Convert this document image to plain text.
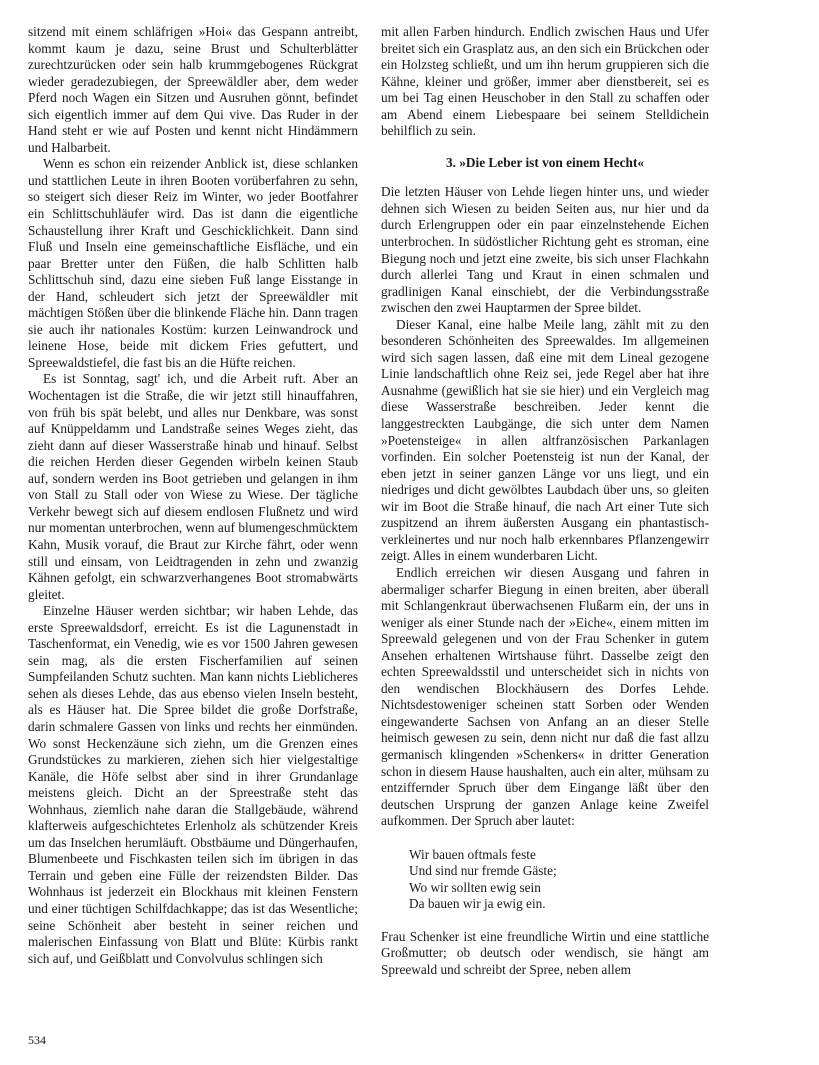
sitzend mit einem schläfrigen »Hoi« das Gespann antreibt, kommt kaum je dazu, seine Brust und Schulterblätter zurechtzurücken oder sein halb krummgebogenes Rückgrat wieder geradezubiegen, der Spreewäldler aber, dem weder Pferd noch Wagen ein Sitzen und Ausruhen gönnt, befindet sich eigentlich immer auf dem Qui vive. Das Ruder in der Hand steht er wie auf Posten und kennt nicht Hindämmern und Halbarbeit.

Wenn es schon ein reizender Anblick ist, diese schlanken und stattlichen Leute in ihren Booten vorüberfahren zu sehn, so steigert sich dieser Reiz im Winter, wo jeder Bootfahrer ein Schlittschuhläufer wird. Das ist dann die eigentliche Schaustellung ihrer Kraft und Geschicklichkeit. Dann sind Fluß und Inseln eine gemeinschaftliche Eisfläche, und ein paar Bretter unter den Füßen, die halb Schlitten halb Schlittschuh sind, dazu eine sieben Fuß lange Eisstange in der Hand, schleudert sich jetzt der Spreewäldler mit mächtigen Stößen über die blinkende Fläche hin. Dann tragen sie auch ihr nationales Kostüm: kurzen Leinwandrock und leinene Hose, beide mit dickem Fries gefuttert, und Spreewaldstiefel, die fast bis an die Hüfte reichen.

Es ist Sonntag, sagt' ich, und die Arbeit ruft. Aber an Wochentagen ist die Straße, die wir jetzt still hinauffahren, von früh bis spät belebt, und alles nur Denkbare, was sonst auf Knüppeldamm und Landstraße seines Weges zieht, das zieht dann auf dieser Wasserstraße hinab und hinauf. Selbst die reichen Herden dieser Gegenden wirbeln keinen Staub auf, sondern werden ins Boot getrieben und gelangen in ihm von Stall zu Stall oder von Wiese zu Wiese. Der tägliche Verkehr bewegt sich auf diesem endlosen Flußnetz und wird nur momentan unterbrochen, wenn auf blumengeschmücktem Kahn, Musik vorauf, die Braut zur Kirche fährt, oder wenn still und einsam, von Leidtragenden in zehn und zwanzig Kähnen gefolgt, ein schwarzverhangenes Boot stromabwärts gleitet.

Einzelne Häuser werden sichtbar; wir haben Lehde, das erste Spreewaldsdorf, erreicht. Es ist die Lagunenstadt in Taschenformat, ein Venedig, wie es vor 1500 Jahren gewesen sein mag, als die ersten Fischerfamilien auf seinen Sumpfeilanden Schutz suchten. Man kann nichts Lieblicheres sehen als dieses Lehde, das aus ebenso vielen Inseln besteht, als es Häuser hat. Die Spree bildet die große Dorfstraße, darin schmalere Gassen von links und rechts her einmünden. Wo sonst Heckenzäune sich ziehn, um die Grenzen eines Grundstückes zu markieren, ziehen sich hier vielgestaltige Kanäle, die Höfe selbst aber sind in ihrer Grundanlage meistens gleich. Dicht an der Spreestraße steht das Wohnhaus, ziemlich nahe daran die Stallgebäude, während klafterweis aufgeschichtetes Erlenholz als schützender Kreis um das Inselchen herumläuft. Obstbäume und Düngerhaufen, Blumenbeete und Fischkasten teilen sich im übrigen in das Terrain und geben eine Fülle der reizendsten Bilder. Das Wohnhaus ist jederzeit ein Blockhaus mit kleinen Fenstern und einer tüchtigen Schilfdachkappe; das ist das Wesentliche; seine Schönheit aber besteht in seiner reichen und malerischen Einfassung von Blatt und Blüte: Kürbis rankt sich auf, und Geißblatt und Convolvulus schlingen sich

mit allen Farben hindurch. Endlich zwischen Haus und Ufer breitet sich ein Grasplatz aus, an den sich ein Brückchen oder ein Holzsteg schließt, und um ihn herum gruppieren sich die Kähne, kleiner und größer, immer aber dienstbereit, sei es um bei Tag einen Heuschober in den Stall zu schaffen oder am Abend einem Liebespaare bei seinem Stelldichein behilflich zu sein.

3. »Die Leber ist von einem Hecht«

Die letzten Häuser von Lehde liegen hinter uns, und wieder dehnen sich Wiesen zu beiden Seiten aus, nur hier und da durch Erlengruppen oder ein paar einzelnstehende Eichen unterbrochen. In südöstlicher Richtung geht es stroman, eine Biegung noch und jetzt eine zweite, bis sich unser Flachkahn durch allerlei Tang und Kraut in einen schmalen und gradlinigen Kanal einschiebt, der die Verbindungsstraße zwischen den zwei Hauptarmen der Spree bildet.

Dieser Kanal, eine halbe Meile lang, zählt mit zu den besonderen Schönheiten des Spreewaldes. Im allgemeinen wird sich sagen lassen, daß eine mit dem Lineal gezogene Linie landschaftlich ohne Reiz sei, jede Regel aber hat ihre Ausnahme (gewißlich hat sie sie hier) und ein Vergleich mag diese Wasserstraße beschreiben. Jeder kennt die langgestreckten Laubgänge, die sich unter dem Namen »Poetensteige« in allen altfranzösischen Parkanlagen vorfinden. Ein solcher Poetensteig ist nun der Kanal, der eben jetzt in seiner ganzen Länge vor uns liegt, und ein niedriges und dicht gewölbtes Laubdach über uns, so gleiten wir im Boot die Straße hinauf, die nach Art einer Tute sich zuspitzend an ihrem äußersten Ausgang ein phantastisch-verkleinertes und nur noch halb erkennbares Pflanzengewirr zeigt. Alles in einem wunderbaren Licht.

Endlich erreichen wir diesen Ausgang und fahren in abermaliger scharfer Biegung in einen breiten, aber überall mit Schlangenkraut überwachsenen Flußarm ein, der uns in weniger als einer Stunde nach der »Eiche«, einem mitten im Spreewald gelegenen und von der Frau Schenker in gutem Ansehen erhaltenen Wirtshause führt. Dasselbe zeigt den echten Spreewaldsstil und unterscheidet sich in nichts von den wendischen Blockhäusern des Dorfes Lehde. Nichtsdestoweniger scheinen statt Sorben oder Wenden eingewanderte Sachsen von Anfang an an dieser Stelle heimisch gewesen zu sein, denn nicht nur daß die fast allzu germanisch klingenden »Schenkers« in dritter Generation schon in diesem Hause haushalten, auch ein alter, mühsam zu entziffernder Spruch über dem Eingange läßt über den deutschen Ursprung der ganzen Anlage keine Zweifel aufkommen. Der Spruch aber lautet:

Wir bauen oftmals feste
Und sind nur fremde Gäste;
Wo wir sollten ewig sein
Da bauen wir ja ewig ein.

Frau Schenker ist eine freundliche Wirtin und eine stattliche Großmutter; ob deutsch oder wendisch, sie hängt am Spreewald und schreibt der Spree, neben allem

534
